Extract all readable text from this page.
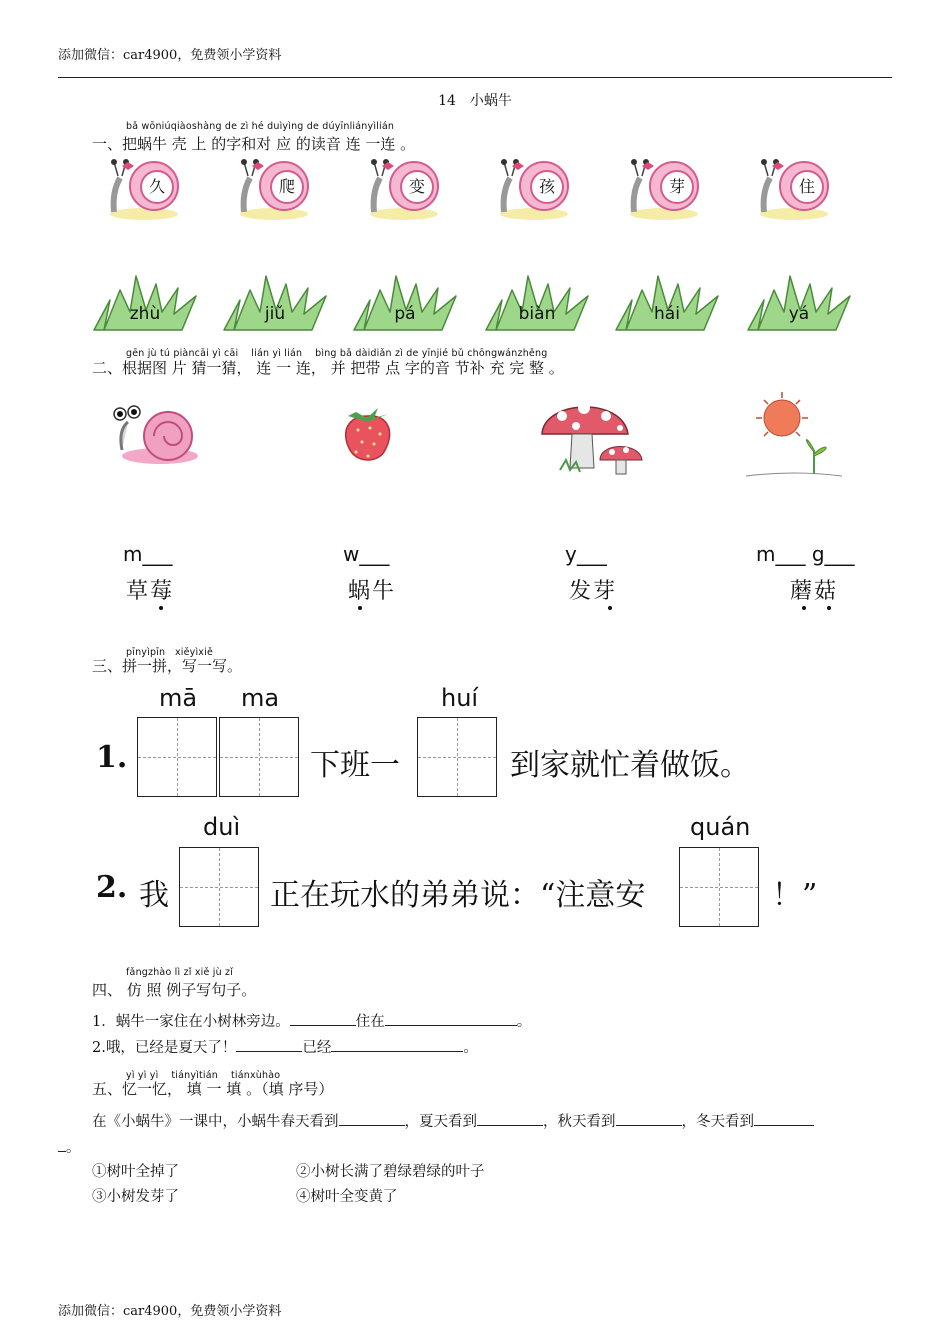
添加微信：car4900，免费领小学资料
14　小蜗牛
bǎ wōniúqiàoshàng de zì hé duìyìng de dúyīnliányìlián
一、把蜗牛 壳 上 的字和对 应 的读音 连 一连 。
久	爬	变	孩	芽	住
zhù	jiǔ	pá	biàn	hái	yá
gēn jù tú piàncāi yì cāi　 lián yì lián　 bìng bǎ dàidiǎn zì de yīnjié bǔ chōngwánzhěng
二、根据图 片 猜一猜， 连 一 连， 并 把带 点 字的音 节补 充 完 整 。
m___	w___	y___	m___ g___
草莓	蜗牛	发芽	蘑菇
pīnyìpīn　xiěyìxiě
三、拼一拼，写一写。
mā ma	huí
1.	下班一	到家就忙着做饭。
duì	quán
2. 我	正在玩水的弟弟说：“注意安	！”
fǎngzhào lì zǐ xiě jù zǐ
四、 仿 照 例子写句子。
1．蜗牛一家住在小树林旁边。	住在	。
2.哦，已经是夏天了！	已经	。
yì yì yì　 tiányìtián　 tiánxùhào
五、忆一忆， 填 一 填 。（填 序号）
在《小蜗牛》一课中，小蜗牛春天看到	，夏天看到	，秋天看到	，冬天看到
。
①树叶全掉了	②小树长满了碧绿碧绿的叶子
③小树发芽了	④树叶全变黄了
添加微信：car4900，免费领小学资料
